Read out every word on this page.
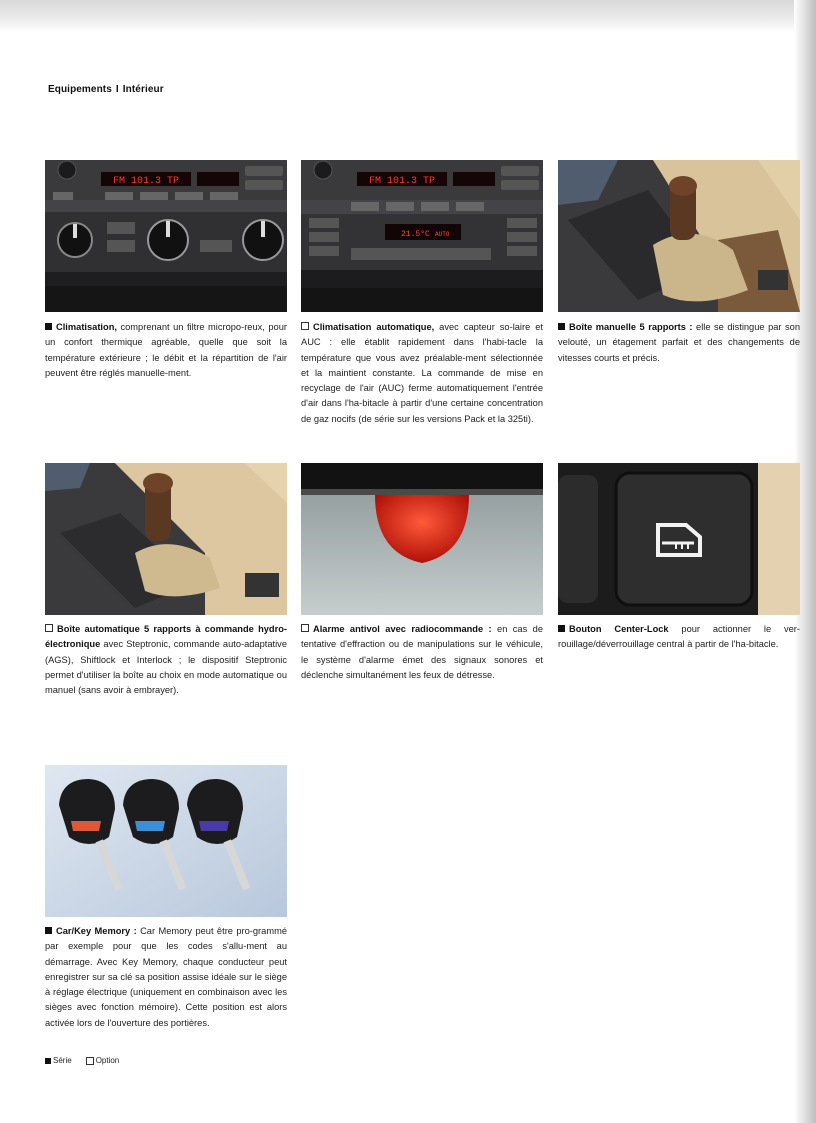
Equipements I Intérieur
FM 101.3 TP	FM 101.3 TP
21.5°C AUTO
Climatisation, comprenant un filtre micropo-reux, pour un confort thermique agréable, quelle que soit la température extérieure ; le débit et la répartition de l'air peuvent être réglés manuelle-ment.
Climatisation automatique, avec capteur so-laire et AUC : elle établit rapidement dans l'habi-tacle la température que vous avez préalable-ment sélectionnée et la maintient constante. La commande de mise en recyclage de l'air (AUC) ferme automatiquement l'entrée d'air dans l'ha-bitacle à partir d'une certaine concentration de gaz nocifs (de série sur les versions Pack et la 325ti).
Boîte manuelle 5 rapports : elle se distingue par son velouté, un étagement parfait et des changements de vitesses courts et précis.
Boîte automatique 5 rapports à commande hydro-électronique avec Steptronic, commande auto-adaptative (AGS), Shiftlock et Interlock ; le dispositif Steptronic permet d'utiliser la boîte au choix en mode automatique ou manuel (sans avoir à embrayer).
Alarme antivol avec radiocommande : en cas de tentative d'effraction ou de manipulations sur le véhicule, le système d'alarme émet des signaux sonores et déclenche simultanément les feux de détresse.
Bouton Center-Lock pour actionner le ver-rouillage/déverrouillage central à partir de l'ha-bitacle.
Car/Key Memory : Car Memory peut être pro-grammé par exemple pour que les codes s'allu-ment au démarrage. Avec Key Memory, chaque conducteur peut enregistrer sur sa clé sa position assise idéale sur le siège à réglage électrique (uniquement en combinaison avec les sièges avec fonction mémoire). Cette position est alors activée lors de l'ouverture des portières.
Série	Option
